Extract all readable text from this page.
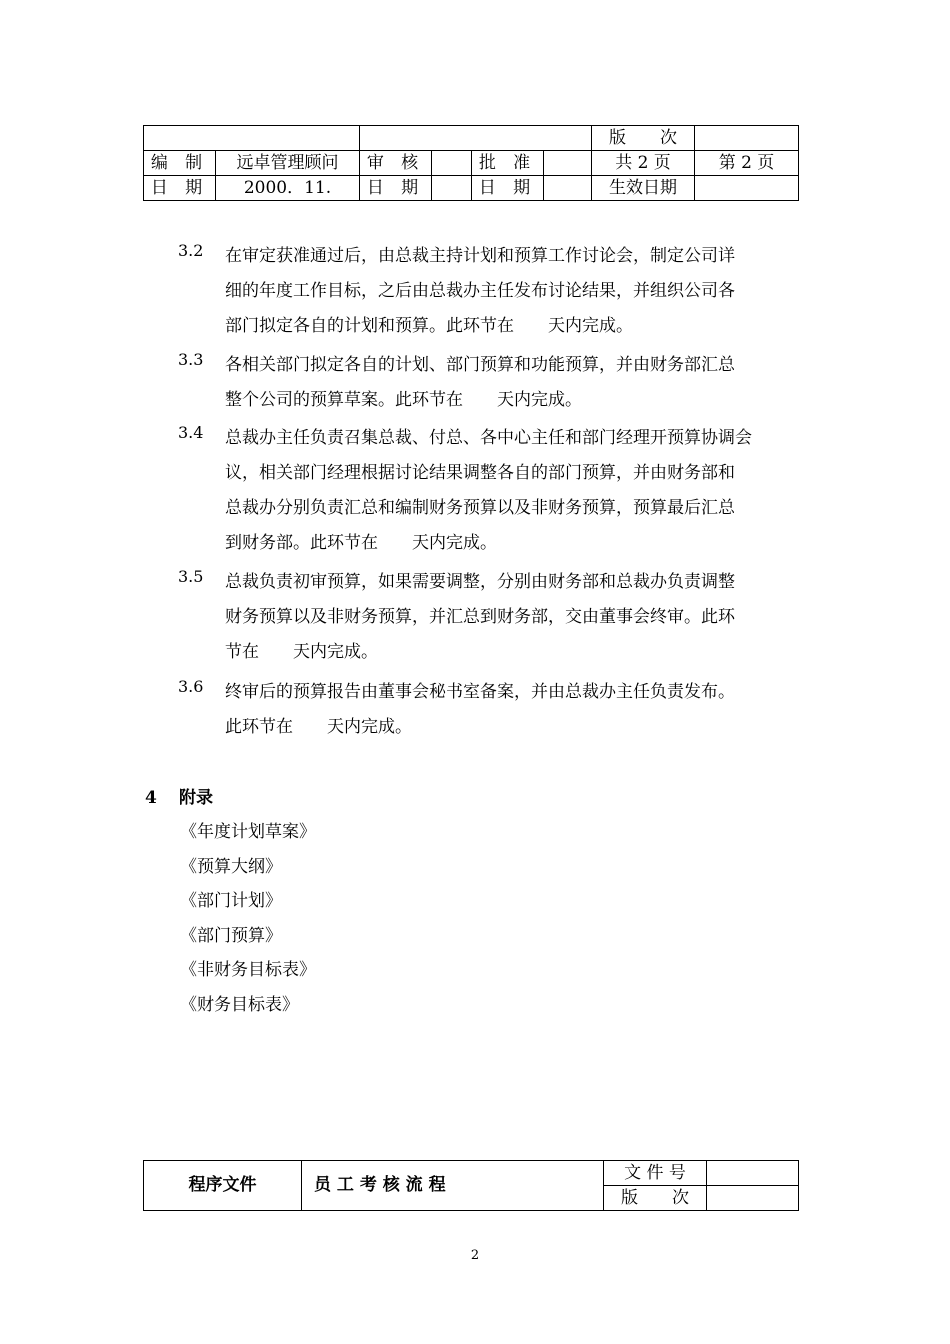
						版　　次	
编 制	远卓管理顾问	审 核		批 准		共 2 页	第 2 页
日 期	2000．11.	日 期		日 期		生效日期	
3.2	在审定获准通过后，由总裁主持计划和预算工作讨论会，制定公司详
细的年度工作目标，之后由总裁办主任发布讨论结果，并组织公司各
部门拟定各自的计划和预算。此环节在　　天内完成。
3.3	各相关部门拟定各自的计划、部门预算和功能预算，并由财务部汇总
整个公司的预算草案。此环节在　　天内完成。
3.4	总裁办主任负责召集总裁、付总、各中心主任和部门经理开预算协调会
议，相关部门经理根据讨论结果调整各自的部门预算，并由财务部和
总裁办分别负责汇总和编制财务预算以及非财务预算，预算最后汇总
到财务部。此环节在　　天内完成。
3.5	总裁负责初审预算，如果需要调整，分别由财务部和总裁办负责调整
财务预算以及非财务预算，并汇总到财务部，交由董事会终审。此环
节在　　天内完成。
3.6	终审后的预算报告由董事会秘书室备案，并由总裁办主任负责发布。
此环节在　　天内完成。
4 附录
《年度计划草案》
《预算大纲》
《部门计划》
《部门预算》
《非财务目标表》
《财务目标表》
程序文件	员 工 考 核 流 程	文 件 号	
		版　　次	
2
